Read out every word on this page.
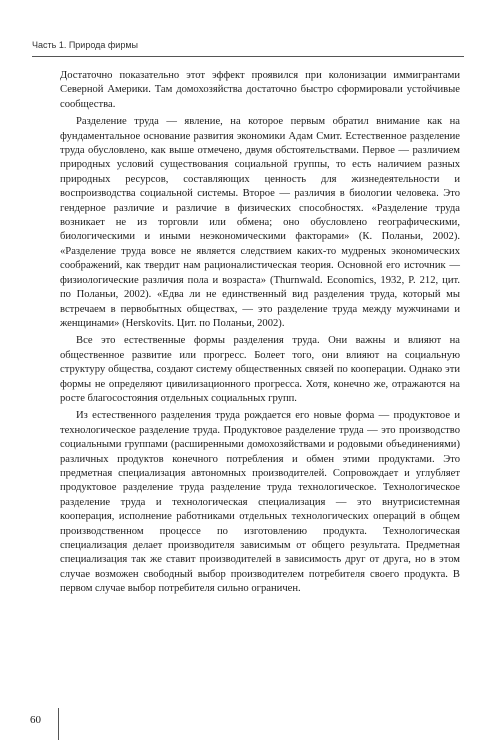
Часть 1. Природа фирмы

Достаточно показательно этот эффект проявился при колонизации иммигрантами Северной Америки. Там домохозяйства достаточно быстро сформировали устойчивые сообщества.

Разделение труда — явление, на которое первым обратил внимание как на фундаментальное основание развития экономики Адам Смит. Естественное разделение труда обусловлено, как выше отмечено, двумя обстоятельствами. Первое — различием природных условий существования социальной группы, то есть наличием разных природных ресурсов, составляющих ценность для жизнедеятельности и воспроизводства социальной системы. Второе — различия в биологии человека. Это гендерное различие и различие в физических способностях. «Разделение труда возникает не из торговли или обмена; оно обусловлено географическими, биологическими и иными неэкономическими факторами» (К. Поланьи, 2002). «Разделение труда вовсе не является следствием каких-то мудреных экономических соображений, как твердит нам рационалистическая теория. Основной его источник — физиологические различия пола и возраста» (Thurnwald. Economics, 1932, P. 212, цит. по Поланьи, 2002). «Едва ли не единственный вид разделения труда, который мы встречаем в первобытных обществах, — это разделение труда между мужчинами и женщинами» (Herskovits. Цит. по Поланьи, 2002).

Все это естественные формы разделения труда. Они важны и влияют на общественное развитие или прогресс. Болеет того, они влияют на социальную структуру общества, создают систему общественных связей по кооперации. Однако эти формы не определяют цивилизационного прогресса. Хотя, конечно же, отражаются на росте благосостояния отдельных социальных групп.

Из естественного разделения труда рождается его новые форма — продуктовое и технологическое разделение труда. Продуктовое разделение труда — это производство социальными группами (расширенными домохозяйствами и родовыми объединениями) различных продуктов конечного потребления и обмен этими продуктами. Это предметная специализация автономных производителей. Сопровождает и углубляет продуктовое разделение труда разделение труда технологическое. Технологическое разделение труда и технологическая специализация — это внутрисистемная кооперация, исполнение работниками отдельных технологических операций в общем производственном процессе по изготовлению продукта. Технологическая специализация делает производителя зависимым от общего результата. Предметная специализация так же ставит производителей в зависимость друг от друга, но в этом случае возможен свободный выбор производителем потребителя своего продукта. В первом случае выбор потребителя сильно ограничен.

60
